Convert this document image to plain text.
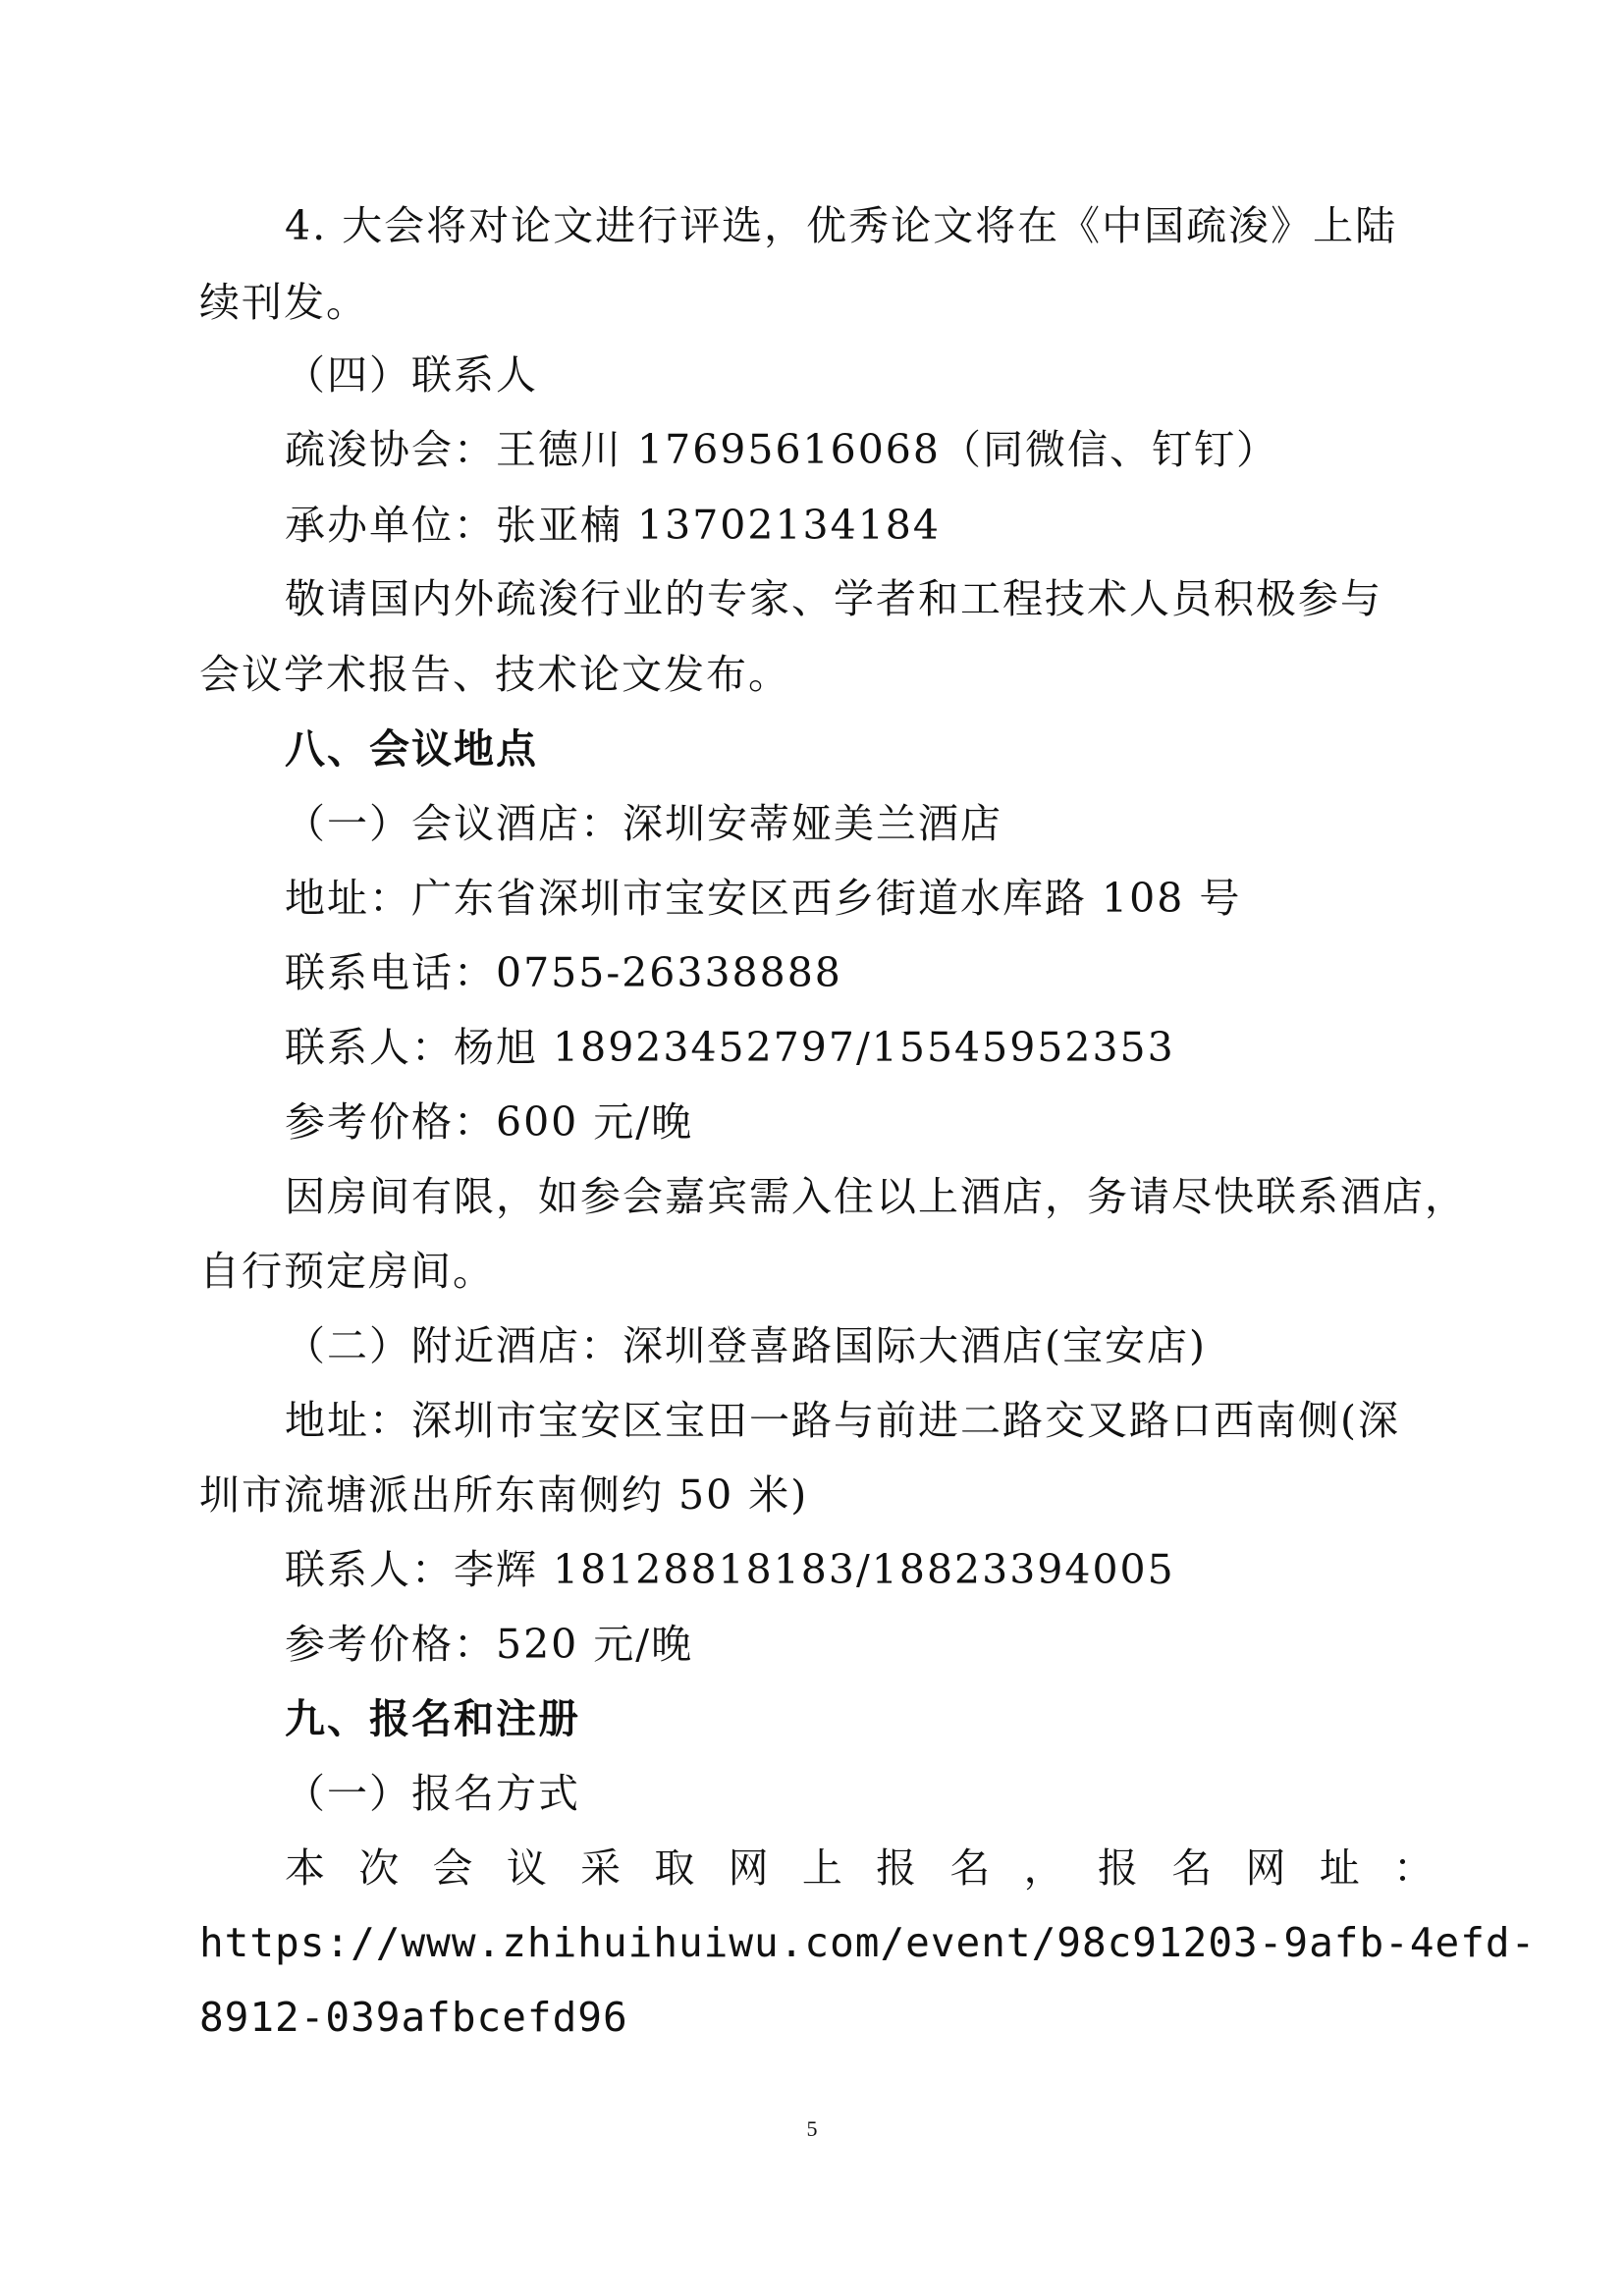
4. 大会将对论文进行评选，优秀论文将在《中国疏浚》上陆
续刊发。
（四）联系人
疏浚协会：王德川 17695616068（同微信、钉钉）
承办单位：张亚楠 13702134184
敬请国内外疏浚行业的专家、学者和工程技术人员积极参与
会议学术报告、技术论文发布。
八、会议地点
（一）会议酒店：深圳安蒂娅美兰酒店
地址：广东省深圳市宝安区西乡街道水库路 108 号
联系电话：0755-26338888
联系人：杨旭 18923452797/15545952353
参考价格：600 元/晚
因房间有限，如参会嘉宾需入住以上酒店，务请尽快联系酒店，
自行预定房间。
（二）附近酒店：深圳登喜路国际大酒店(宝安店)
地址：深圳市宝安区宝田一路与前进二路交叉路口西南侧(深
圳市流塘派出所东南侧约 50 米)
联系人：李辉 18128818183/18823394005
参考价格：520 元/晚
九、报名和注册
（一）报名方式
本 次 会 议 采 取 网 上 报 名 ， 报 名 网 址 ：
https://www.zhihuihuiwu.com/event/98c91203-9afb-4efd-
8912-039afbcefd96
5
